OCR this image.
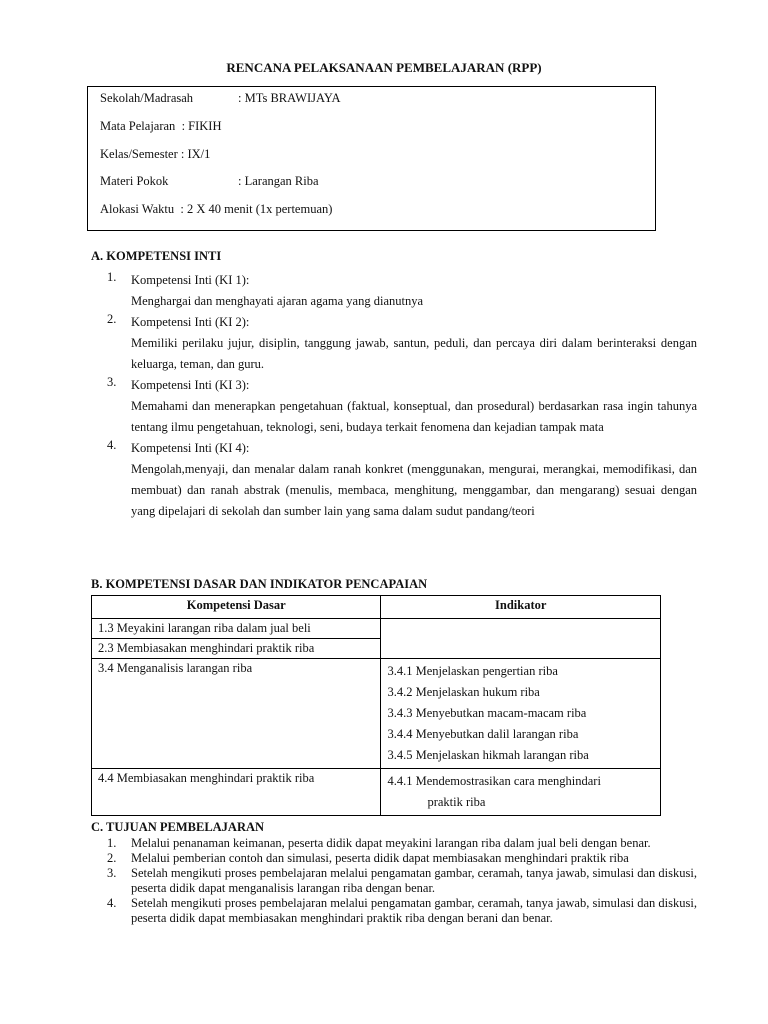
RENCANA PELAKSANAAN PEMBELAJARAN (RPP)
Sekolah/Madrasah	: MTs BRAWIJAYA
Mata Pelajaran : FIKIH
Kelas/Semester : IX/1
Materi Pokok	: Larangan Riba
Alokasi Waktu : 2 X 40 menit (1x pertemuan)
A. KOMPETENSI INTI
1. Kompetensi Inti (KI 1):
Menghargai dan menghayati ajaran agama yang dianutnya
2. Kompetensi Inti (KI 2):
Memiliki perilaku jujur, disiplin, tanggung jawab, santun, peduli, dan percaya diri dalam berinteraksi dengan keluarga, teman, dan guru.
3. Kompetensi Inti (KI 3):
Memahami dan menerapkan pengetahuan (faktual, konseptual, dan prosedural) berdasarkan rasa ingin tahunya tentang ilmu pengetahuan, teknologi, seni, budaya terkait fenomena dan kejadian tampak mata
4. Kompetensi Inti (KI 4):
Mengolah,menyaji, dan menalar dalam ranah konkret (menggunakan, mengurai, merangkai, memodifikasi, dan membuat) dan ranah abstrak (menulis, membaca, menghitung, menggambar, dan mengarang) sesuai dengan yang dipelajari di sekolah dan sumber lain yang sama dalam sudut pandang/teori
B. KOMPETENSI DASAR DAN INDIKATOR PENCAPAIAN
Kompetensi Dasar	Indikator
1.3 Meyakini larangan riba dalam jual beli	
2.3 Membiasakan menghindari praktik riba	
3.4 Menganalisis larangan riba	3.4.1 Menjelaskan pengertian riba
3.4.2 Menjelaskan hukum riba
3.4.3 Menyebutkan macam-macam riba
3.4.4 Menyebutkan dalil larangan riba
3.4.5 Menjelaskan hikmah larangan riba

4.4 Membiasakan menghindari praktik riba	4.4.1 Mendemostrasikan cara menghindari
praktik riba
C. TUJUAN PEMBELAJARAN
1. Melalui penanaman keimanan, peserta didik dapat meyakini larangan riba dalam jual beli dengan benar.
2. Melalui pemberian contoh dan simulasi, peserta didik dapat membiasakan menghindari praktik riba
3. Setelah mengikuti proses pembelajaran melalui pengamatan gambar, ceramah, tanya jawab, simulasi dan diskusi, peserta didik dapat menganalisis larangan riba dengan benar.
4. Setelah mengikuti proses pembelajaran melalui pengamatan gambar, ceramah, tanya jawab, simulasi dan diskusi, peserta didik dapat membiasakan menghindari praktik riba dengan berani dan benar.
